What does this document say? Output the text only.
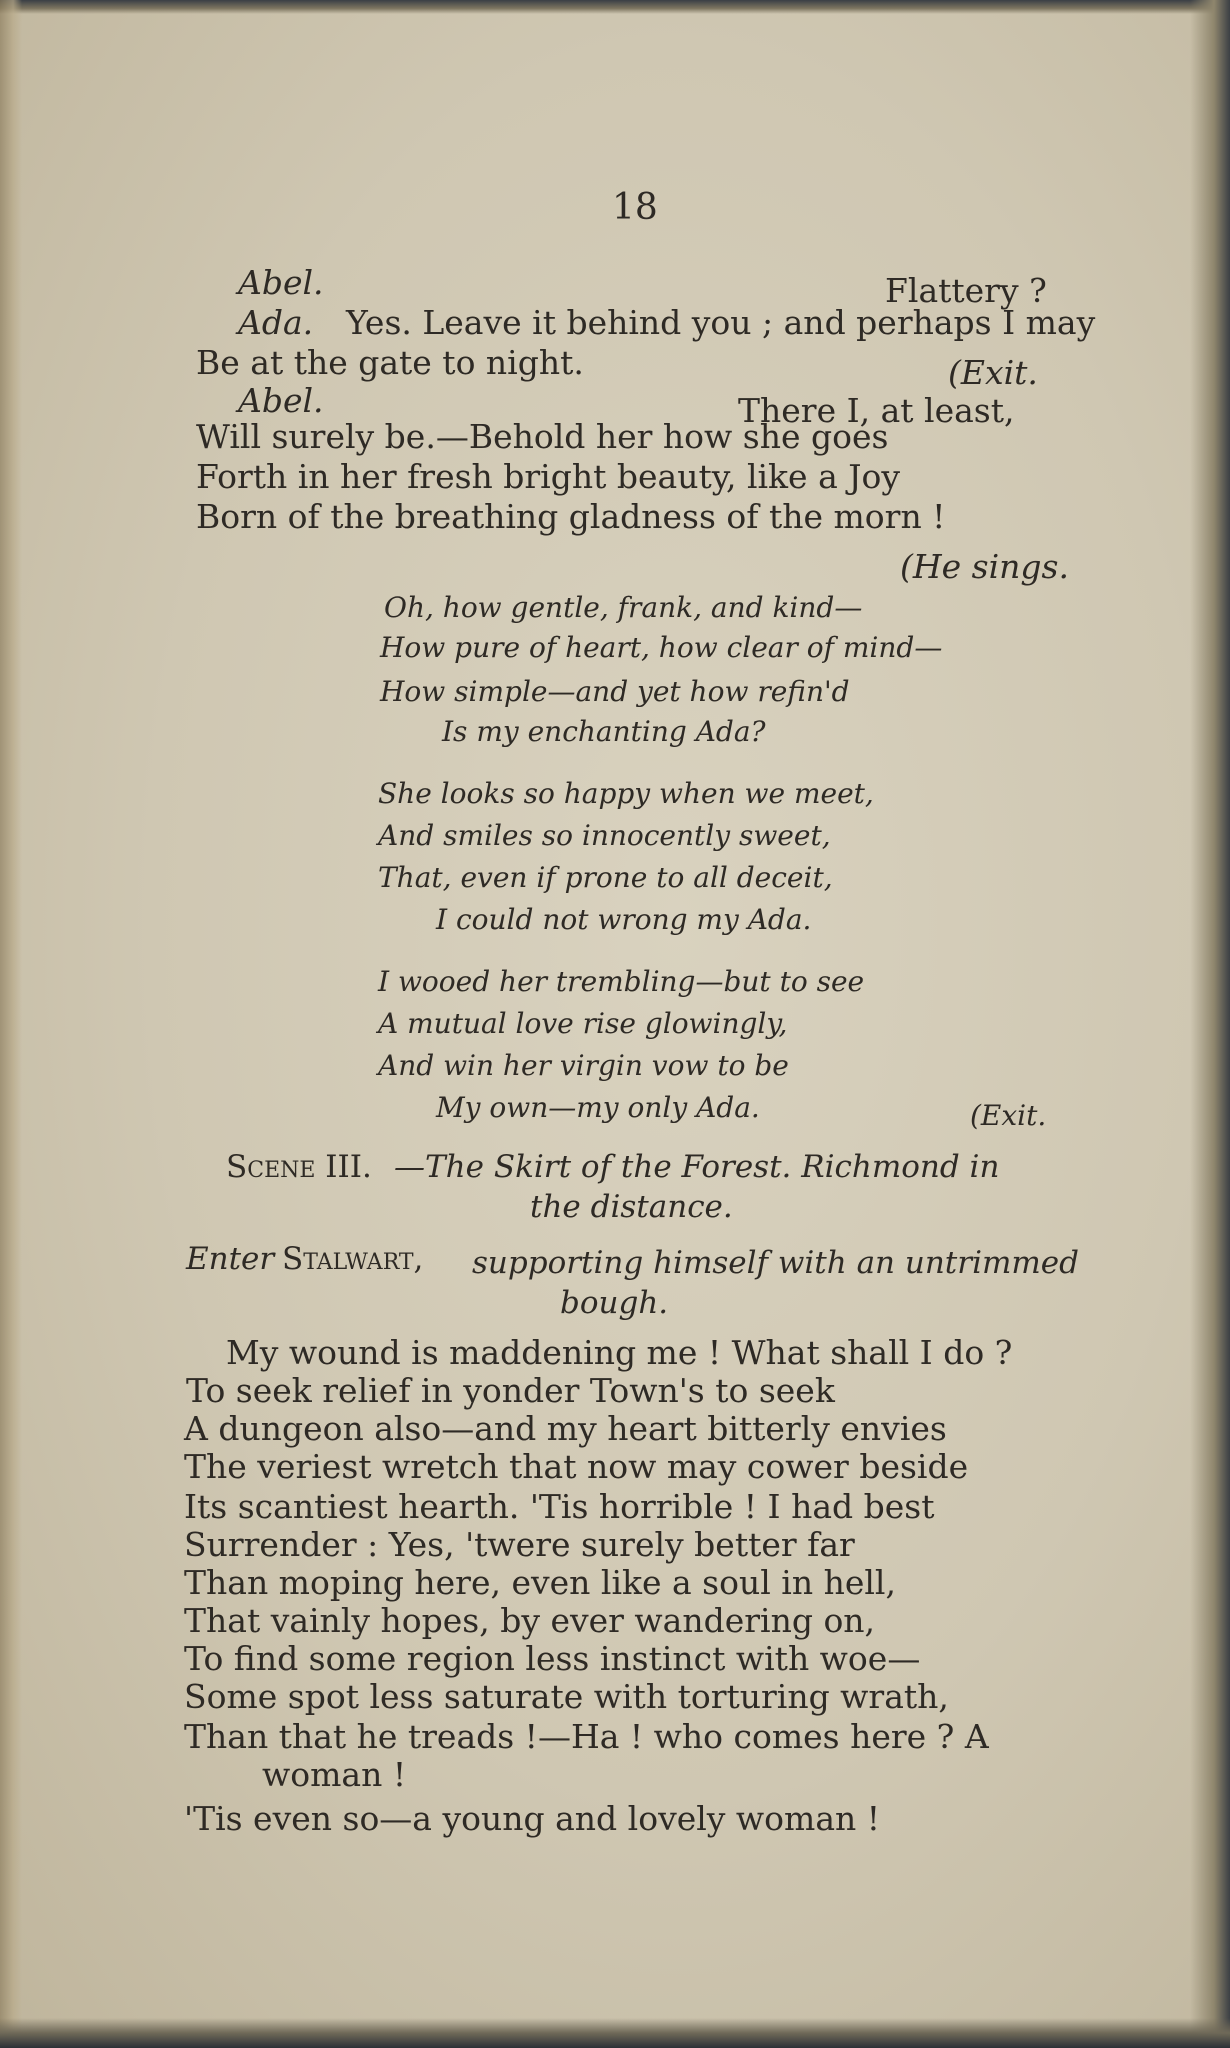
18
Abel.	Flattery ?
Ada. Yes. Leave it behind you ; and perhaps I may
Be at the gate to night.	(Exit.
Abel.	There I, at least,
Will surely be.—Behold her how she goes
Forth in her fresh bright beauty, like a Joy
Born of the breathing gladness of the morn !
(He sings.
Oh, how gentle, frank, and kind—
How pure of heart, how clear of mind—
How simple—and yet how refin'd
Is my enchanting Ada?
She looks so happy when we meet,
And smiles so innocently sweet,
That, even if prone to all deceit,
I could not wrong my Ada.
I wooed her trembling—but to see
A mutual love rise glowingly,
And win her virgin vow to be
My own—my only Ada.	(Exit.
Scene III. —The Skirt of the Forest. Richmond in
the distance.
Enter Stalwart, supporting himself with an untrimmed
bough.
My wound is maddening me ! What shall I do ?
To seek relief in yonder Town's to seek
A dungeon also—and my heart bitterly envies
The veriest wretch that now may cower beside
Its scantiest hearth. 'Tis horrible ! I had best
Surrender : Yes, 'twere surely better far
Than moping here, even like a soul in hell,
That vainly hopes, by ever wandering on,
To find some region less instinct with woe—
Some spot less saturate with torturing wrath,
Than that he treads !—Ha ! who comes here ? A
woman !
'Tis even so—a young and lovely woman !
